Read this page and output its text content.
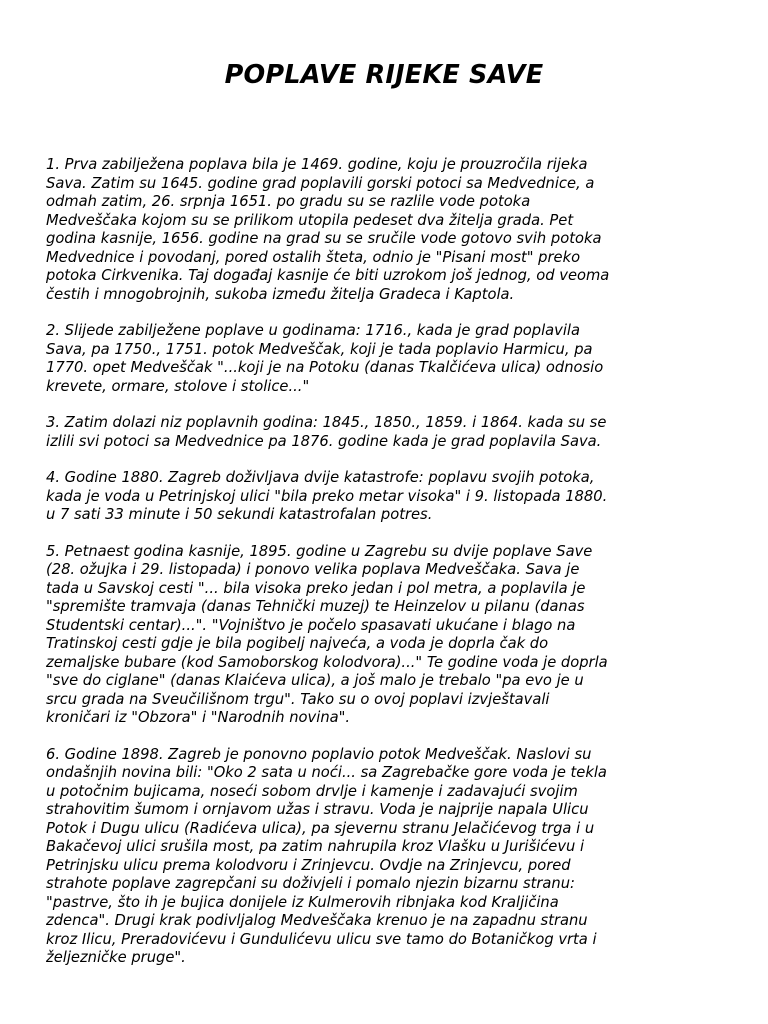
POPLAVE RIJEKE SAVE

1. Prva zabilježena poplava bila je 1469. godine, koju je prouzročila rijeka
Sava. Zatim su 1645. godine grad poplavili gorski potoci sa Medvednice, a
odmah zatim, 26. srpnja 1651. po gradu su se razlile vode potoka
Medveščaka kojom su se prilikom utopila pedeset dva žitelja grada. Pet
godina kasnije, 1656. godine na grad su se sručile vode gotovo svih potoka
Medvednice i povodanj, pored ostalih šteta, odnio je "Pisani most" preko
potoka Cirkvenika. Taj događaj kasnije će biti uzrokom još jednog, od veoma
čestih i mnogobrojnih, sukoba između žitelja Gradeca i Kaptola.

2. Slijede zabilježene poplave u godinama: 1716., kada je grad poplavila
Sava, pa 1750., 1751. potok Medveščak, koji je tada poplavio Harmicu, pa
1770. opet Medveščak "...koji je na Potoku (danas Tkalčićeva ulica) odnosio
krevete, ormare, stolove i stolice..."

3. Zatim dolazi niz poplavnih godina: 1845., 1850., 1859. i 1864. kada su se
izlili svi potoci sa Medvednice pa 1876. godine kada je grad poplavila Sava.

4. Godine 1880. Zagreb doživljava dvije katastrofe: poplavu svojih potoka,
kada je voda u Petrinjskoj ulici "bila preko metar visoka" i 9. listopada 1880.
u 7 sati 33 minute i 50 sekundi katastrofalan potres.

5. Petnaest godina kasnije, 1895. godine u Zagrebu su dvije poplave Save
(28. ožujka i 29. listopada) i ponovo velika poplava Medveščaka. Sava je
tada u Savskoj cesti "... bila visoka preko jedan i pol metra, a poplavila je
"spremište tramvaja (danas Tehnički muzej) te Heinzelov u pilanu (danas
Studentski centar)...". "Vojništvo je počelo spasavati ukućane i blago na
Tratinskoj cesti gdje je bila pogibelj najveća, a voda je doprla čak do
zemaljske bubare (kod Samoborskog kolodvora)..." Te godine voda je doprla
"sve do ciglane" (danas Klaićeva ulica), a još malo je trebalo "pa evo je u
srcu grada na Sveučilišnom trgu". Tako su o ovoj poplavi izvještavali
kroničari iz "Obzora" i "Narodnih novina".

6. Godine 1898. Zagreb je ponovno poplavio potok Medveščak. Naslovi su
ondašnjih novina bili: "Oko 2 sata u noći... sa Zagrebačke gore voda je tekla
u potočnim bujicama, noseći sobom drvlje i kamenje i zadavajući svojim
strahovitim šumom i ornjavom užas i stravu. Voda je najprije napala Ulicu
Potok i Dugu ulicu (Radićeva ulica), pa sjevernu stranu Jelačićevog trga i u
Bakačevoj ulici srušila most, pa zatim nahrupila kroz Vlašku u Jurišićevu i
Petrinjsku ulicu prema kolodvoru i Zrinjevcu. Ovdje na Zrinjevcu, pored
strahote poplave zagrepčani su doživjeli i pomalo njezin bizarnu stranu:
"pastrve, što ih je bujica donijele iz Kulmerovih ribnjaka kod Kraljičina
zdenca". Drugi krak podivljalog Medveščaka krenuo je na zapadnu stranu
kroz Ilicu, Preradovićevu i Gundulićevu ulicu sve tamo do Botaničkog vrta i
željezničke pruge".
